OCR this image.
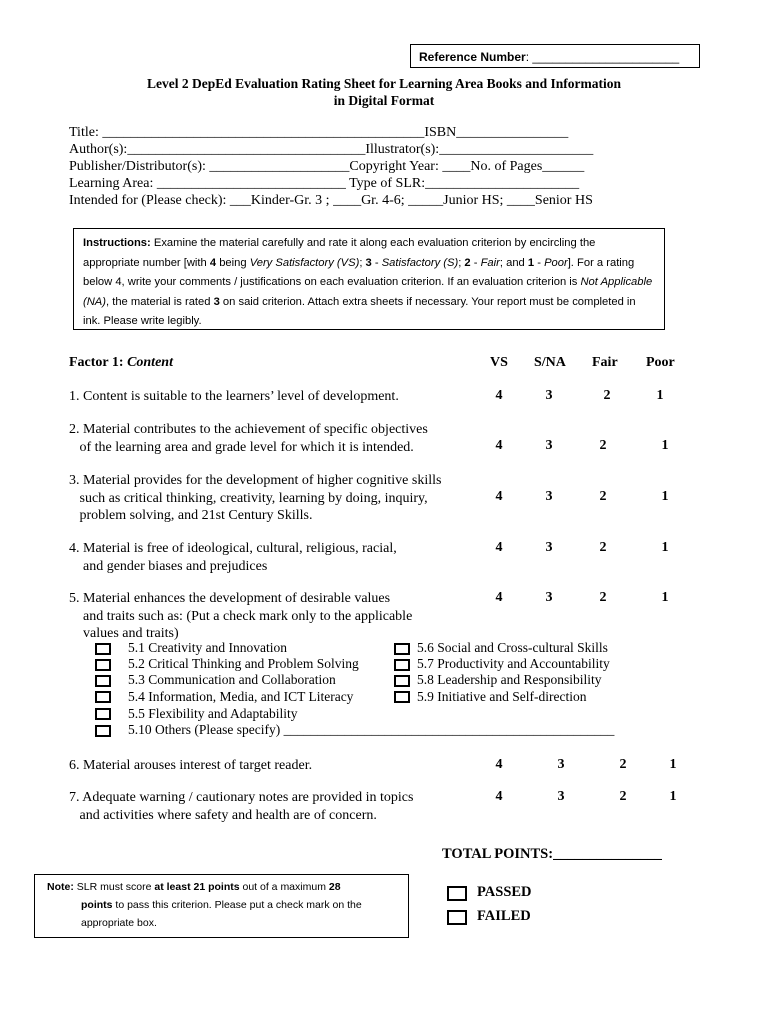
Reference Number: ______________________
Level 2 DepEd Evaluation Rating Sheet for Learning Area Books and Information
in Digital Format
Title: ______________________________________________ISBN________________
Author(s):__________________________________Illustrator(s):______________________
Publisher/Distributor(s): ____________________Copyright Year: ____No. of Pages______
Learning Area: ___________________________ Type of SLR:______________________
Intended for (Please check): ___Kinder-Gr. 3 ; ____Gr. 4-6; _____Junior HS; ____Senior HS
Instructions: Examine the material carefully and rate it along each evaluation criterion by encircling the appropriate number [with 4 being Very Satisfactory (VS); 3 - Satisfactory (S); 2 - Fair; and 1 - Poor]. For a rating below 4, write your comments / justifications on each evaluation criterion. If an evaluation criterion is Not Applicable (NA), the material is rated 3 on said criterion. Attach extra sheets if necessary. Your report must be completed in ink. Please write legibly.
Factor 1: Content	VS S/NA Fair Poor
1. Content is suitable to the learners’ level of development.	4	3	2	1
2. Material contributes to the achievement of specific objectives
of the learning area and grade level for which it is intended.	4	3	2	1
3. Material provides for the development of higher cognitive skills
such as critical thinking, creativity, learning by doing, inquiry,
problem solving, and 21st Century Skills.
4	3	2	1
4. Material is free of ideological, cultural, religious, racial,
and gender biases and prejudices
4	3	2	1
5. Material enhances the development of desirable values
and traits such as: (Put a check mark only to the applicable
values and traits)
4	3	2	1
5.1 Creativity and Innovation
5.2 Critical Thinking and Problem Solving
5.3 Communication and Collaboration
5.4 Information, Media, and ICT Literacy
5.5 Flexibility and Adaptability
5.10 Others (Please specify) _________________________________________________
5.6 Social and Cross-cultural Skills
5.7 Productivity and Accountability
5.8 Leadership and Responsibility
5.9 Initiative and Self-direction
6. Material arouses interest of target reader.	4	3	2	1
7. Adequate warning / cautionary notes are provided in topics
and activities where safety and health are of concern.
4	3	2	1
TOTAL POINTS:_______________
Note: SLR must score at least 21 points out of a maximum 28
points to pass this criterion. Please put a check mark on the
appropriate box.
PASSED
FAILED
